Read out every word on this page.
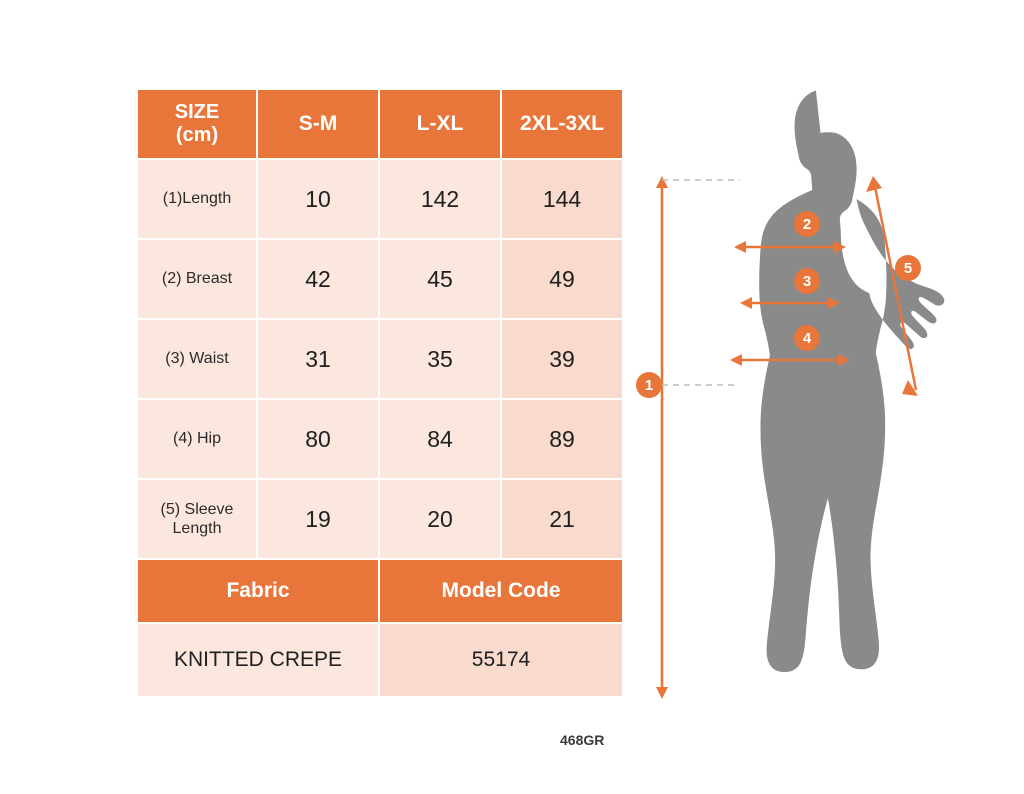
SIZE
(cm)	S-M	L-XL	2XL-3XL
(1)Length	10	142	144
(2) Breast	42	45	49
(3) Waist	31	35	39
(4) Hip	80	84	89
(5) Sleeve Length	19	20	21
Fabric		Model Code	
KNITTED CREPE		55174	
468GR
1
2
3
4
5
